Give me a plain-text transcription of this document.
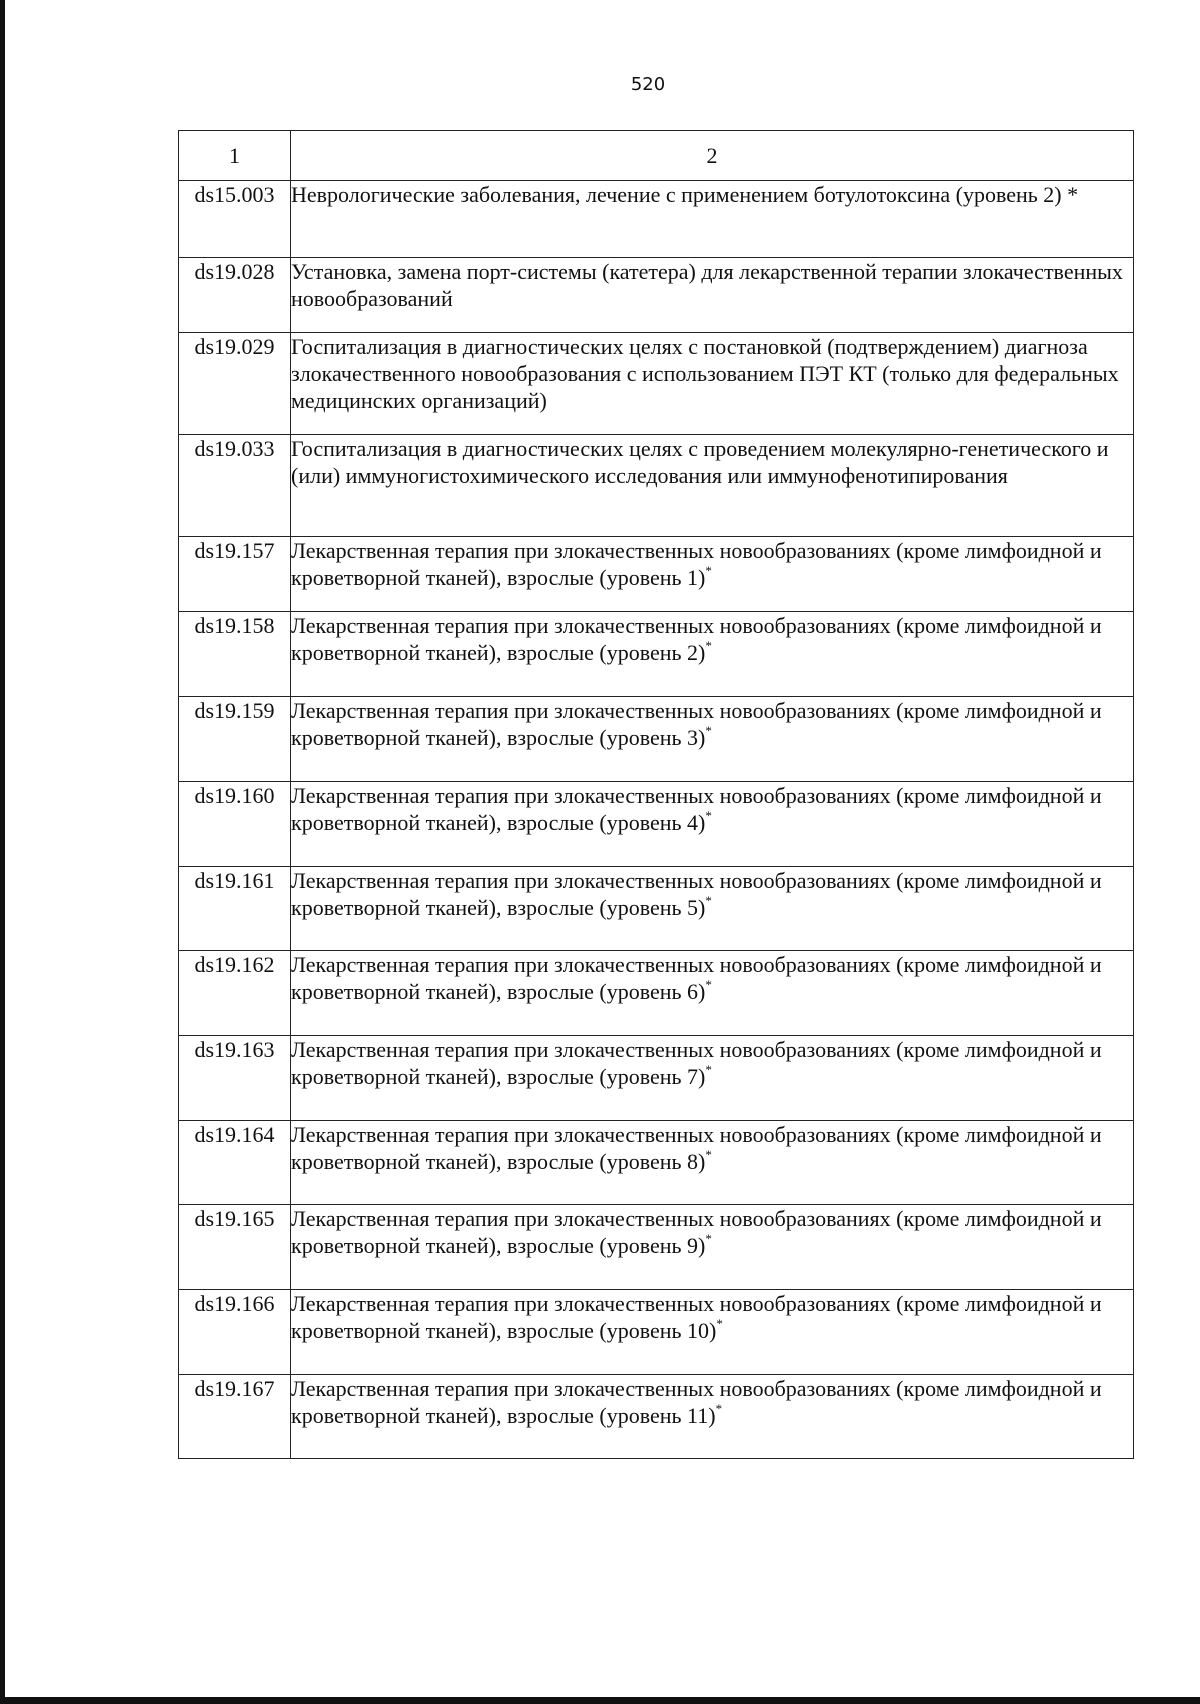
520
1	2
ds15.003	Неврологические заболевания, лечение с применением ботулотоксина (уровень 2) *
ds19.028	Установка, замена порт-системы (катетера) для лекарственной терапии злокачественных новообразований
ds19.029	Госпитализация в диагностических целях с постановкой (подтверждением) диагноза злокачественного новообразования с использованием ПЭТ КТ (только для федеральных медицинских организаций)
ds19.033	Госпитализация в диагностических целях с проведением молекулярно-генетического и (или) иммуногистохимического исследования или иммунофенотипирования
ds19.157	Лекарственная терапия при злокачественных новообразованиях (кроме лимфоидной и кроветворной тканей), взрослые (уровень 1)*
ds19.158	Лекарственная терапия при злокачественных новообразованиях (кроме лимфоидной и кроветворной тканей), взрослые (уровень 2)*
ds19.159	Лекарственная терапия при злокачественных новообразованиях (кроме лимфоидной и кроветворной тканей), взрослые (уровень 3)*
ds19.160	Лекарственная терапия при злокачественных новообразованиях (кроме лимфоидной и кроветворной тканей), взрослые (уровень 4)*
ds19.161	Лекарственная терапия при злокачественных новообразованиях (кроме лимфоидной и кроветворной тканей), взрослые (уровень 5)*
ds19.162	Лекарственная терапия при злокачественных новообразованиях (кроме лимфоидной и кроветворной тканей), взрослые (уровень 6)*
ds19.163	Лекарственная терапия при злокачественных новообразованиях (кроме лимфоидной и кроветворной тканей), взрослые (уровень 7)*
ds19.164	Лекарственная терапия при злокачественных новообразованиях (кроме лимфоидной и кроветворной тканей), взрослые (уровень 8)*
ds19.165	Лекарственная терапия при злокачественных новообразованиях (кроме лимфоидной и кроветворной тканей), взрослые (уровень 9)*
ds19.166	Лекарственная терапия при злокачественных новообразованиях (кроме лимфоидной и кроветворной тканей), взрослые (уровень 10)*
ds19.167	Лекарственная терапия при злокачественных новообразованиях (кроме лимфоидной и кроветворной тканей), взрослые (уровень 11)*
